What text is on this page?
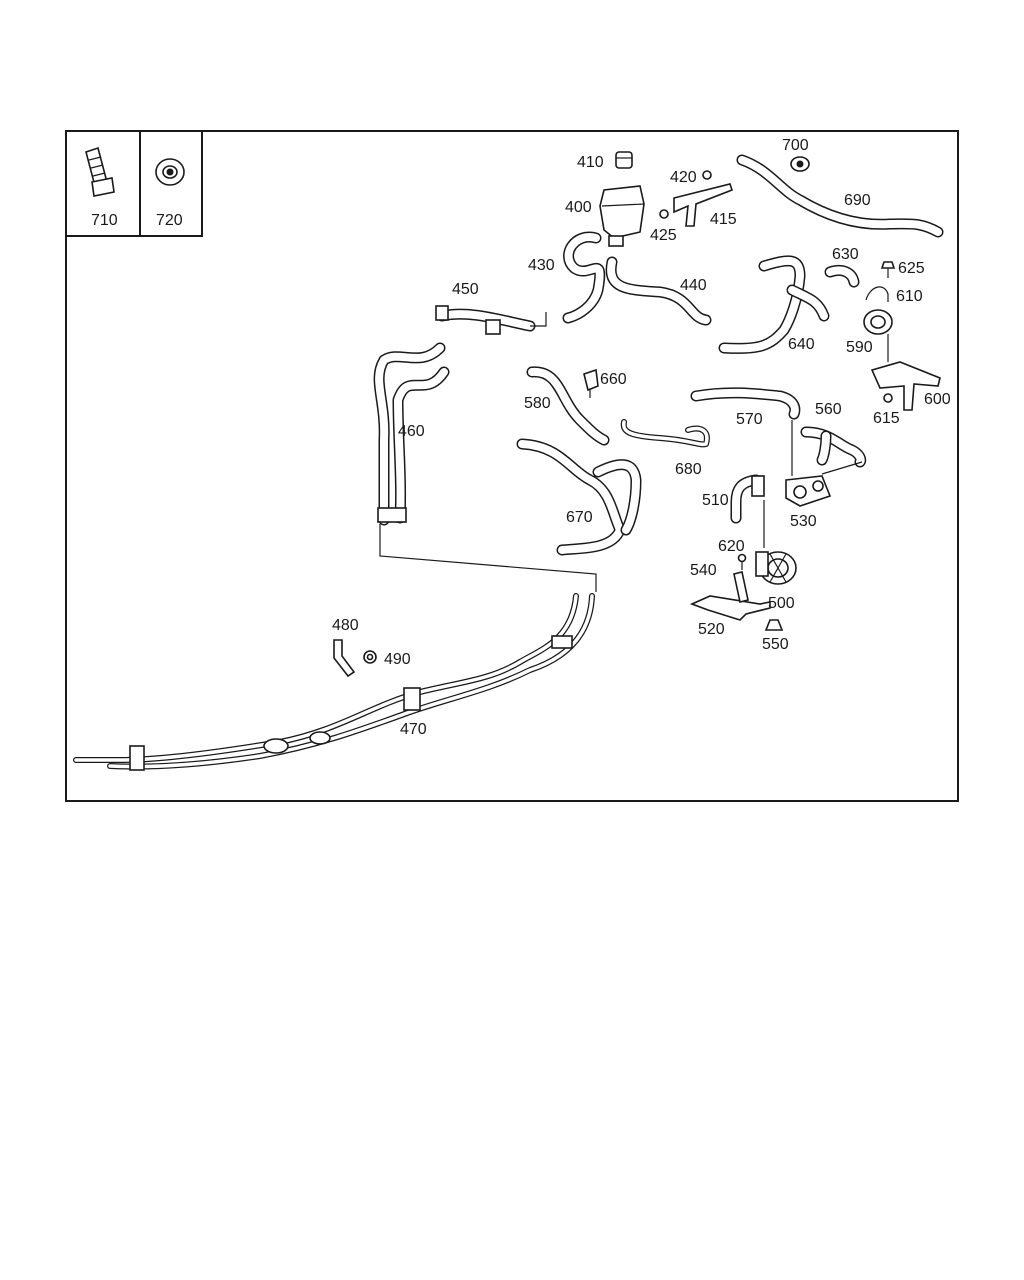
710 720
410
400
420
415
425
430
440
450
460
470
480
490
580
660
670
680
700
690
630
625
610
590
640
600
615
570
560
510
530
620
540
500
520
550
